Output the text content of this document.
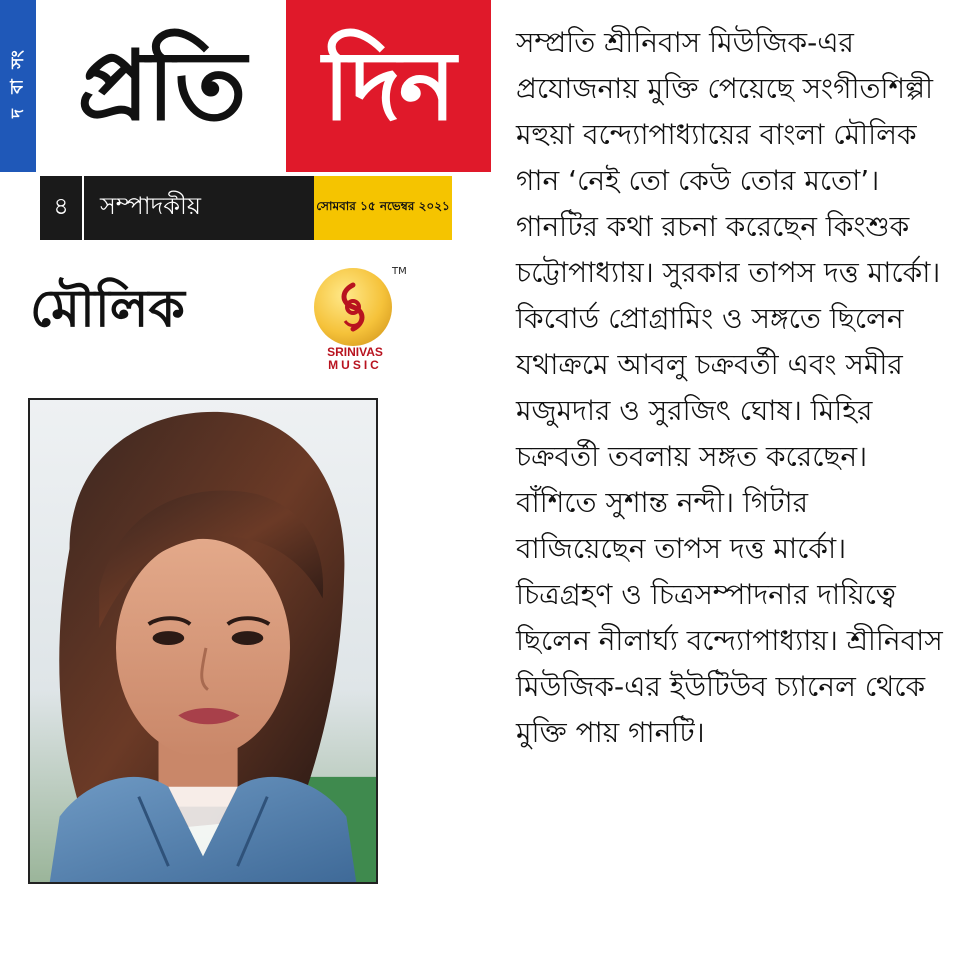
সং
বা
দ প্রতি দিন
৪	সম্পাদকীয়	সোমবার ১৫ নভেম্বর ২০২১
মৌলিক
TM
SRINIVAS
MUSIC

সম্প্রতি শ্রীনিবাস মিউজিক-এর প্রযোজনায় মুক্তি পেয়েছে সংগীতশিল্পী মহুয়া বন্দ্যোপাধ্যায়ের বাংলা মৌলিক গান ‘নেই তো কেউ তোর মতো’। গানটির কথা রচনা করেছেন কিংশুক চট্টোপাধ্যায়। সুরকার তাপস দত্ত মার্কো। কিবোর্ড প্রোগ্রামিং ও সঙ্গতে ছিলেন যথাক্রমে আবলু চক্রবর্তী এবং সমীর মজুমদার ও সুরজিৎ ঘোষ। মিহির চক্রবর্তী তবলায় সঙ্গত করেছেন। বাঁশিতে সুশান্ত নন্দী। গিটার বাজিয়েছেন তাপস দত্ত মার্কো। চিত্রগ্রহণ ও চিত্রসম্পাদনার দায়িত্বে ছিলেন নীলার্ঘ্য বন্দ্যোপাধ্যায়। শ্রীনিবাস মিউজিক-এর ইউটিউব চ্যানেল থেকে মুক্তি পায় গানটি।
